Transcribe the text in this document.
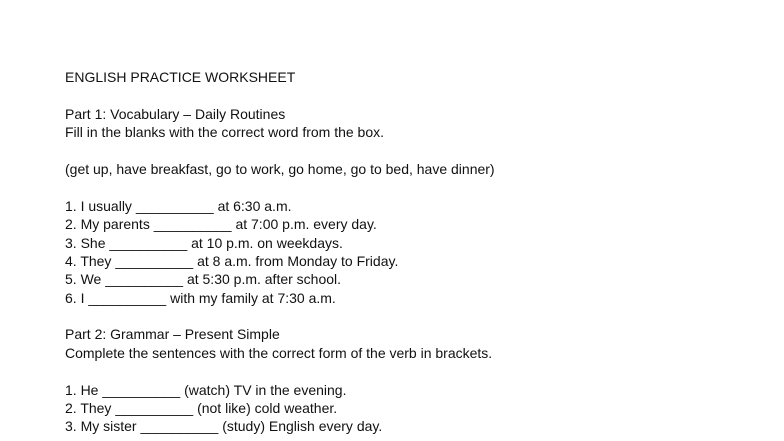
ENGLISH PRACTICE WORKSHEET

Part 1: Vocabulary – Daily Routines

Fill in the blanks with the correct word from the box.

(get up, have breakfast, go to work, go home, go to bed, have dinner)

1. I usually __________ at 6:30 a.m.

2. My parents __________ at 7:00 p.m. every day.

3. She __________ at 10 p.m. on weekdays.

4. They __________ at 8 a.m. from Monday to Friday.

5. We __________ at 5:30 p.m. after school.

6. I __________ with my family at 7:30 a.m.

Part 2: Grammar – Present Simple

Complete the sentences with the correct form of the verb in brackets.

1. He __________ (watch) TV in the evening.

2. They __________ (not like) cold weather.

3. My sister __________ (study) English every day.
